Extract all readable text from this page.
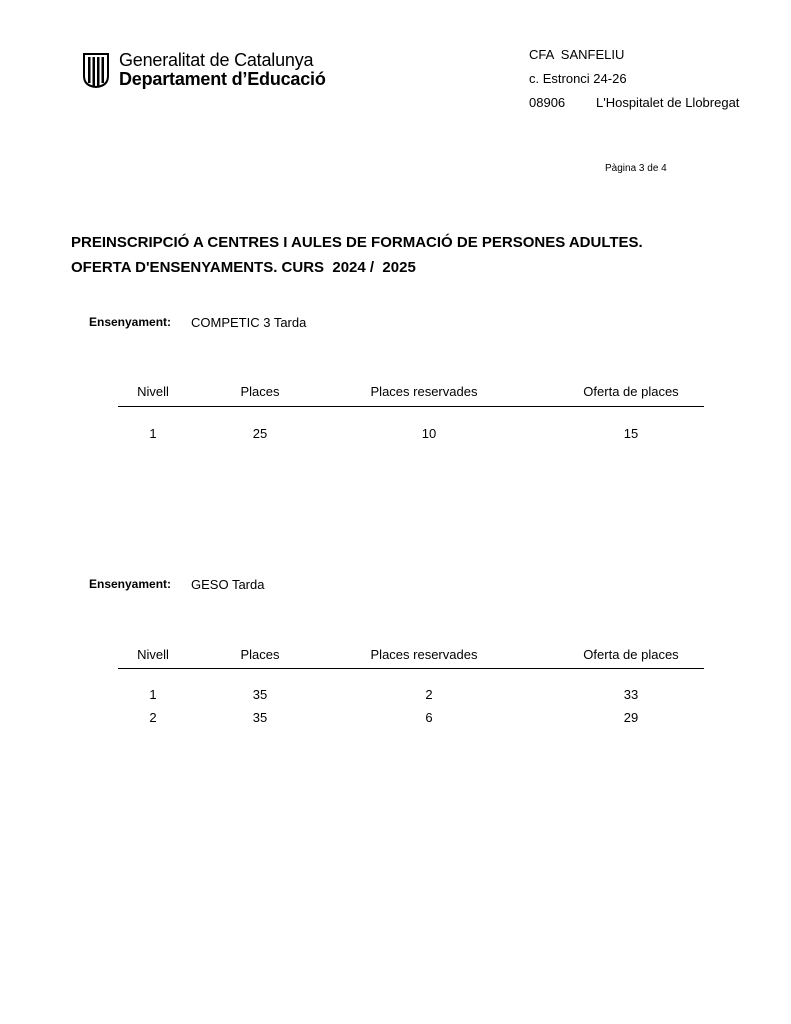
Generalitat de Catalunya
Departament d’Educació
CFA  SANFELIU
c. Estronci 24-26
08906 L'Hospitalet de Llobregat
Pàgina 3 de 4
PREINSCRIPCIÓ A CENTRES I AULES DE FORMACIÓ DE PERSONES ADULTES.
OFERTA D'ENSENYAMENTS. CURS  2024 /  2025
Ensenyament: COMPETIC 3 Tarda
Nivell	Places	Places reservades	Oferta de places
1	25	10	15
Ensenyament: GESO Tarda
Nivell	Places	Places reservades	Oferta de places
1	35	2	33
2	35	6	29
